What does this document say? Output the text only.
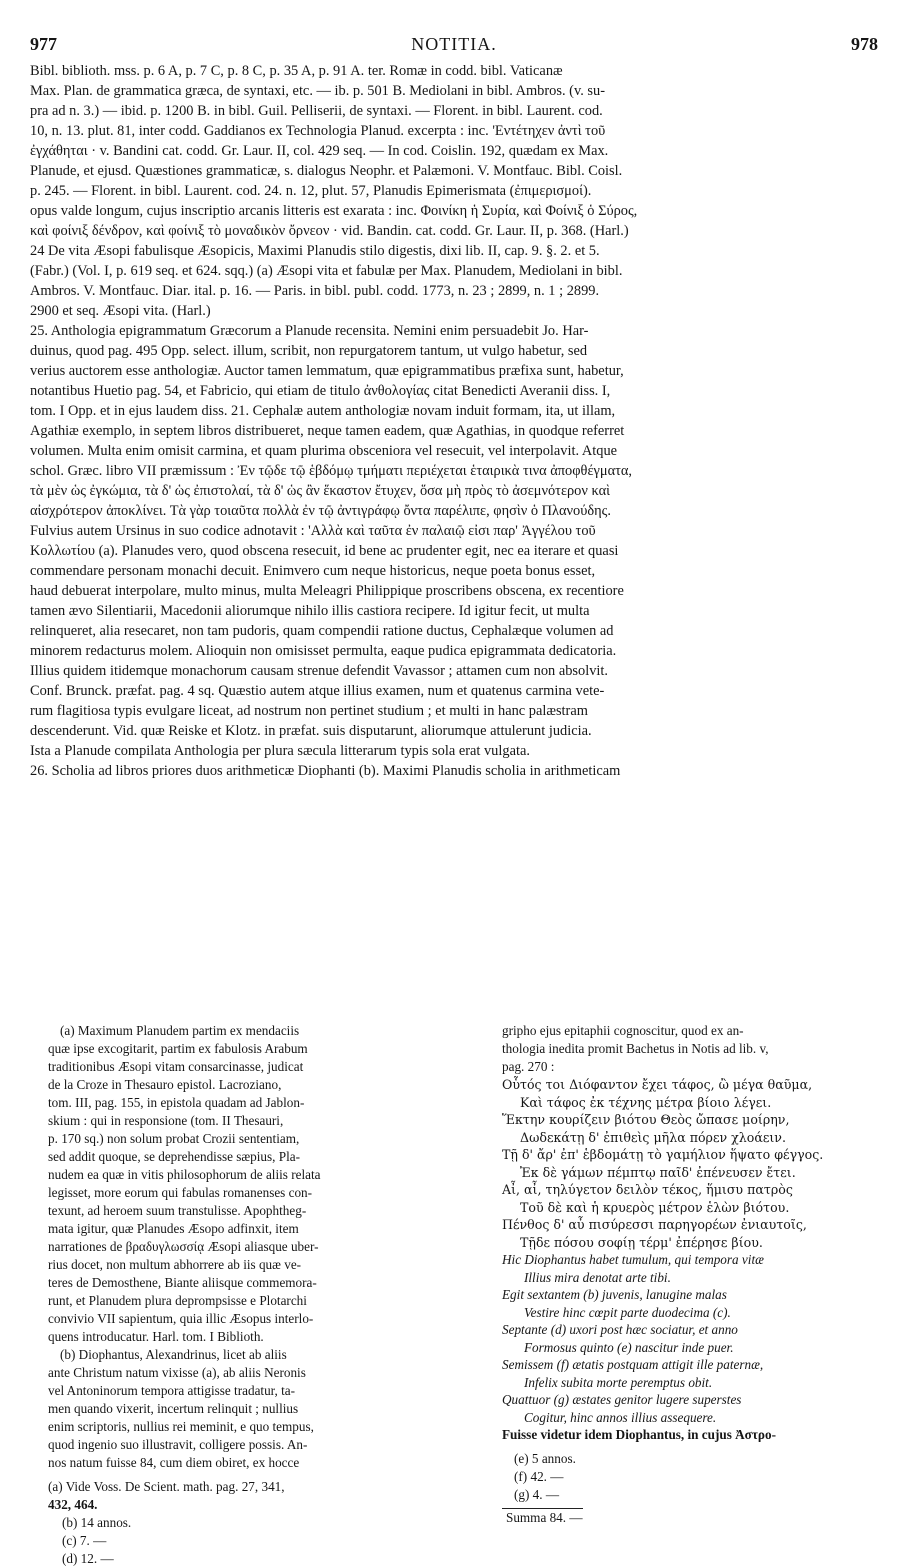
977	NOTITIA.	978
Bibl. biblioth. mss. p. 6 A, p. 7 C, p. 8 C, p. 35 A, p. 91 A. ter. Romæ in codd. bibl. Vaticanæ
Max. Plan. de grammatica græca, de syntaxi, etc. — ib. p. 501 B. Mediolani in bibl. Ambros. (v. su-
pra ad n. 3.) — ibid. p. 1200 B. in bibl. Guil. Pelliserii, de syntaxi. — Florent. in bibl. Laurent. cod.
10, n. 13. plut. 81, inter codd. Gaddianos ex Technologia Planud. excerpta : inc. 'Εντέτηχεν ἀντὶ τοῦ
ἐγχάθηται · v. Bandini cat. codd. Gr. Laur. II, col. 429 seq. — In cod. Coislin. 192, quædam ex Max.
Planude, et ejusd. Quæstiones grammaticæ, s. dialogus Neophr. et Palæmoni. V. Montfauc. Bibl. Coisl.
p. 245. — Florent. in bibl. Laurent. cod. 24. n. 12, plut. 57, Planudis Epimerismata (ἐπιμερισμοί).
opus valde longum, cujus inscriptio arcanis litteris est exarata : inc. Φοινίκη ἡ Συρία, καὶ Φοίνιξ ὁ Σύρος,
καὶ φοίνιξ δένδρον, καὶ φοίνιξ τὸ μοναδικὸν ὄρνεον · vid. Bandin. cat. codd. Gr. Laur. II, p. 368. (Harl.)
24 De vita Æsopi fabulisque Æsopicis, Maximi Planudis stilo digestis, dixi lib. II, cap. 9. §. 2. et 5.
(Fabr.) (Vol. I, p. 619 seq. et 624. sqq.) (a) Æsopi vita et fabulæ per Max. Planudem, Mediolani in bibl.
Ambros. V. Montfauc. Diar. ital. p. 16. — Paris. in bibl. publ. codd. 1773, n. 23 ; 2899, n. 1 ; 2899.
2900 et seq. Æsopi vita. (Harl.)
25. Anthologia epigrammatum Græcorum a Planude recensita. Nemini enim persuadebit Jo. Har-
duinus, quod pag. 495 Opp. select. illum, scribit, non repurgatorem tantum, ut vulgo habetur, sed
verius auctorem esse anthologiæ. Auctor tamen lemmatum, quæ epigrammatibus præfixa sunt, habetur,
notantibus Huetio pag. 54, et Fabricio, qui etiam de titulo ἀνθολογίας citat Benedicti Averanii diss. I,
tom. I Opp. et in ejus laudem diss. 21. Cephalæ autem anthologiæ novam induit formam, ita, ut illam,
Agathiæ exemplo, in septem libros distribueret, neque tamen eadem, quæ Agathias, in quodque referret
volumen. Multa enim omisit carmina, et quam plurima obsceniora vel resecuit, vel interpolavit. Atque
schol. Græc. libro VII præmissum : Ἐν τῷδε τῷ ἑβδόμῳ τμήματι περιέχεται ἑταιρικὰ τινα ἀποφθέγματα,
τὰ μὲν ὡς ἐγκώμια, τὰ δ' ὡς ἐπιστολαί, τὰ δ' ὡς ἂν ἕκαστον ἔτυχεν, ὅσα μὴ πρὸς τὸ ἀσεμνότερον καὶ
αἰσχρότερον ἀποκλίνει. Τὰ γὰρ τοιαῦτα πολλὰ ἐν τῷ ἀντιγράφῳ ὄντα παρέλιπε, φησὶν ὁ Πλανούδης.
Fulvius autem Ursinus in suo codice adnotavit : 'Αλλὰ καὶ ταῦτα ἐν παλαιῷ εἰσι παρ' Ἀγγέλου τοῦ
Κολλωτίου (a). Planudes vero, quod obscena resecuit, id bene ac prudenter egit, nec ea iterare et quasi
commendare personam monachi decuit. Enimvero cum neque historicus, neque poeta bonus esset,
haud debuerat interpolare, multo minus, multa Meleagri Philippique proscribens obscena, ex recentiore
tamen ævo Silentiarii, Macedonii aliorumque nihilo illis castiora recipere. Id igitur fecit, ut multa
relinqueret, alia resecaret, non tam pudoris, quam compendii ratione ductus, Cephalæque volumen ad
minorem redacturus molem. Alioquin non omisisset permulta, eaque pudica epigrammata dedicatoria.
Illius quidem itidemque monachorum causam strenue defendit Vavassor ; attamen cum non absolvit.
Conf. Brunck. præfat. pag. 4 sq. Quæstio autem atque illius examen, num et quatenus carmina vete-
rum flagitiosa typis evulgare liceat, ad nostrum non pertinet studium ; et multi in hanc palæstram
descenderunt. Vid. quæ Reiske et Klotz. in præfat. suis disputarunt, aliorumque attulerunt judicia.
Ista a Planude compilata Anthologia per plura sæcula litterarum typis sola erat vulgata.
26. Scholia ad libros priores duos arithmeticæ Diophanti (b). Maximi Planudis scholia in arithmeticam
(a) Maximum Planudem partim ex mendaciis
quæ ipse excogitarit, partim ex fabulosis Arabum
traditionibus Æsopi vitam consarcinasse, judicat
de la Croze in Thesauro epistol. Lacroziano,
tom. III, pag. 155, in epistola quadam ad Jablon-
skium : qui in responsione (tom. II Thesauri,
p. 170 sq.) non solum probat Crozii sententiam,
sed addit quoque, se deprehendisse sæpius, Pla-
nudem ea quæ in vitis philosophorum de aliis relata
legisset, more eorum qui fabulas romanenses con-
texunt, ad heroem suum transtulisse. Apophtheg-
mata igitur, quæ Planudes Æsopo adfinxit, item
narrationes de βραδυγλωσσίᾳ Æsopi aliasque uber-
rius docet, non multum abhorrere ab iis quæ ve-
teres de Demosthene, Biante aliisque commemora-
runt, et Planudem plura deprompsisse e Plotarchi
convivio VII sapientum, quia illic Æsopus interlo-
quens introducatur. Harl. tom. I Biblioth.
(b) Diophantus, Alexandrinus, licet ab aliis
ante Christum natum vixisse (a), ab aliis Neronis
vel Antoninorum tempora attigisse tradatur, ta-
men quando vixerit, incertum relinquit ; nullius
enim scriptoris, nullius rei meminit, e quo tempus,
quod ingenio suo illustravit, colligere possis. An-
nos natum fuisse 84, cum diem obiret, ex hocce
(a) Vide Voss. De Scient. math. pag. 27, 341,
432, 464.
(b) 14 annos.
(c) 7. —
(d) 12. —
gripho ejus epitaphii cognoscitur, quod ex an-
thologia inedita promit Bachetus in Notis ad lib. v,
pag. 270 :
Οὗτός τοι Διόφαντον ἔχει τάφος, ὢ μέγα θαῦμα,
Καὶ τάφος ἐκ τέχνης μέτρα βίοιο λέγει.
Ἕκτην κουρίζειν βιότου Θεὸς ὤπασε μοίρην,
Δωδεκάτῃ δ' ἐπιθεὶς μῆλα πόρεν χλοάειν.
Τῇ δ' ἄρ' ἐπ' ἑβδομάτῃ τὸ γαμήλιον ἥψατο φέγγος.
Ἐκ δὲ γάμων πέμπτῳ παῖδ' ἐπένευσεν ἔτει.
Αἶ, αἶ, τηλύγετον δειλὸν τέκος, ἥμισυ πατρὸς
Τοῦ δὲ καὶ ἡ κρυερὸς μέτρον ἑλὼν βιότου.
Πένθος δ' αὖ πισύρεσσι παρηγορέων ἐνιαυτοῖς,
Τῇδε πόσου σοφίῃ τέρμ' ἐπέρησε βίου.
Hic Diophantus habet tumulum, qui tempora vitæ
Illius mira denotat arte tibi.
Egit sextantem (b) juvenis, lanugine malas
Vestire hinc cœpit parte duodecima (c).
Septante (d) uxori post hæc sociatur, et anno
Formosus quinto (e) nascitur inde puer.
Semissem (f) ætatis postquam attigit ille paternæ,
Infelix subita morte peremptus obit.
Quattuor (g) æstates genitor lugere superstes
Cogitur, hinc annos illius assequere.
Fuisse videtur idem Diophantus, in cujus Ἀστρο-
(e) 5 annos.
(f) 42. —
(g) 4. —
Summa 84. —
